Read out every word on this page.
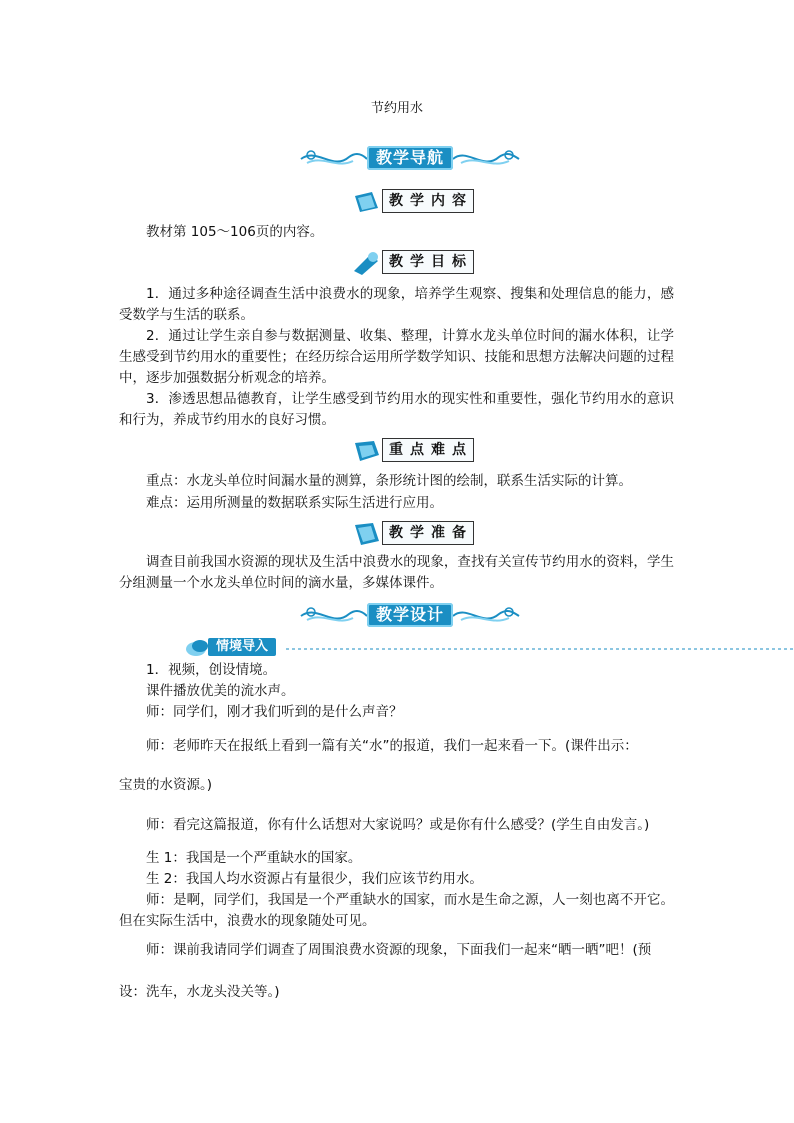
节约用水
教学导航
教学内容
教材第 105～106页的内容。
教学目标
1．通过多种途径调查生活中浪费水的现象，培养学生观察、搜集和处理信息的能力，感受数学与生活的联系。
2．通过让学生亲自参与数据测量、收集、整理，计算水龙头单位时间的漏水体积，让学生感受到节约用水的重要性；在经历综合运用所学数学知识、技能和思想方法解决问题的过程中，逐步加强数据分析观念的培养。
3．渗透思想品德教育，让学生感受到节约用水的现实性和重要性，强化节约用水的意识和行为，养成节约用水的良好习惯。
重点难点
重点：水龙头单位时间漏水量的测算，条形统计图的绘制，联系生活实际的计算。
难点：运用所测量的数据联系实际生活进行应用。
教学准备
调查目前我国水资源的现状及生活中浪费水的现象，查找有关宣传节约用水的资料，学生分组测量一个水龙头单位时间的滴水量，多媒体课件。
教学设计
情境导入
1．视频，创设情境。
课件播放优美的流水声。
师：同学们，刚才我们听到的是什么声音？
师：老师昨天在报纸上看到一篇有关“水”的报道，我们一起来看一下。(课件出示：
宝贵的水资源。)
师：看完这篇报道，你有什么话想对大家说吗？或是你有什么感受？(学生自由发言。)
生 1：我国是一个严重缺水的国家。
生 2：我国人均水资源占有量很少，我们应该节约用水。
师：是啊，同学们，我国是一个严重缺水的国家，而水是生命之源，人一刻也离不开它。但在实际生活中，浪费水的现象随处可见。
师：课前我请同学们调查了周围浪费水资源的现象，下面我们一起来“晒一晒”吧！(预
设：洗车，水龙头没关等。)
